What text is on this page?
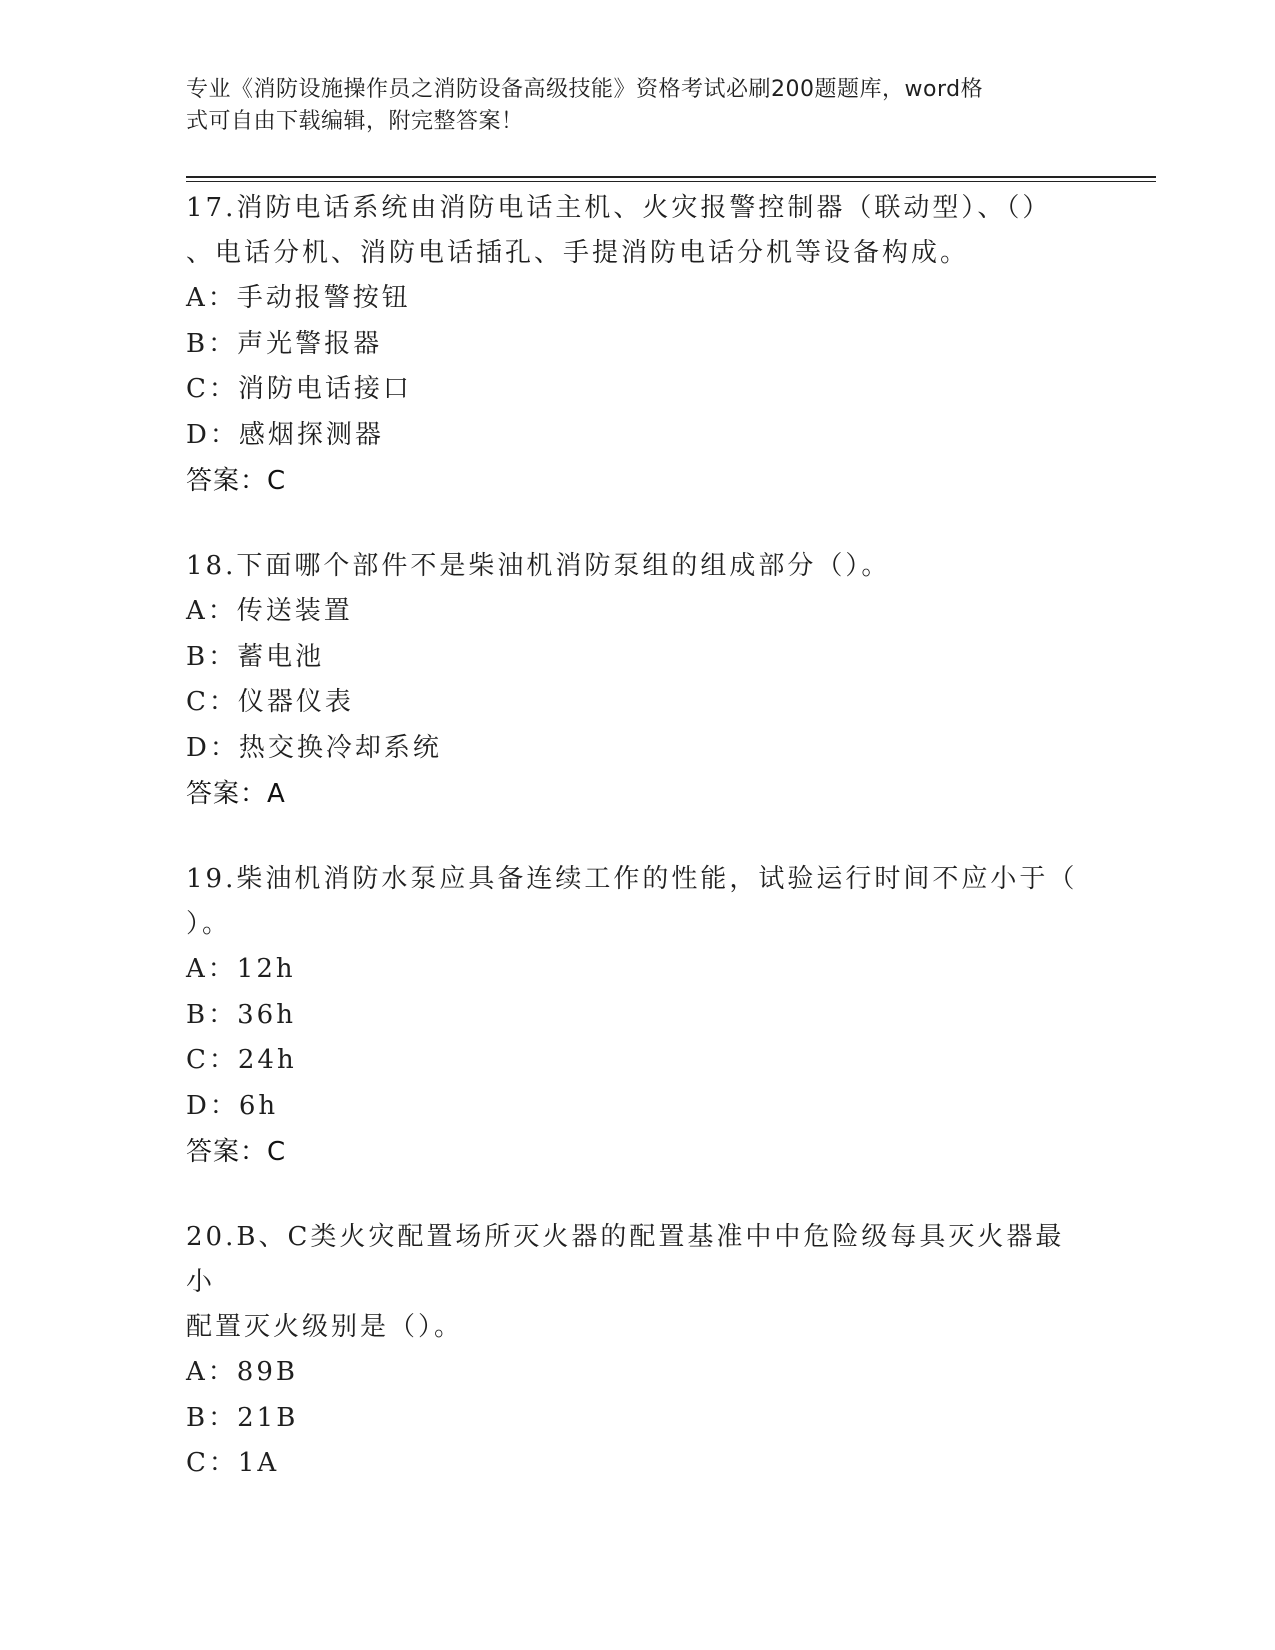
专业《消防设施操作员之消防设备高级技能》资格考试必刷200题题库，word格
式可自由下载编辑，附完整答案！
17.消防电话系统由消防电话主机、火灾报警控制器（联动型）、（）
、电话分机、消防电话插孔、手提消防电话分机等设备构成。
A：手动报警按钮
B：声光警报器
C：消防电话接口
D：感烟探测器
答案：C
18.下面哪个部件不是柴油机消防泵组的组成部分（）。
A：传送装置
B：蓄电池
C：仪器仪表
D：热交换冷却系统
答案：A
19.柴油机消防水泵应具备连续工作的性能，试验运行时间不应小于（
）。
A：12h
B：36h
C：24h
D：6h
答案：C
20.B、C类火灾配置场所灭火器的配置基准中中危险级每具灭火器最小
配置灭火级别是（）。
A：89B
B：21B
C：1A
